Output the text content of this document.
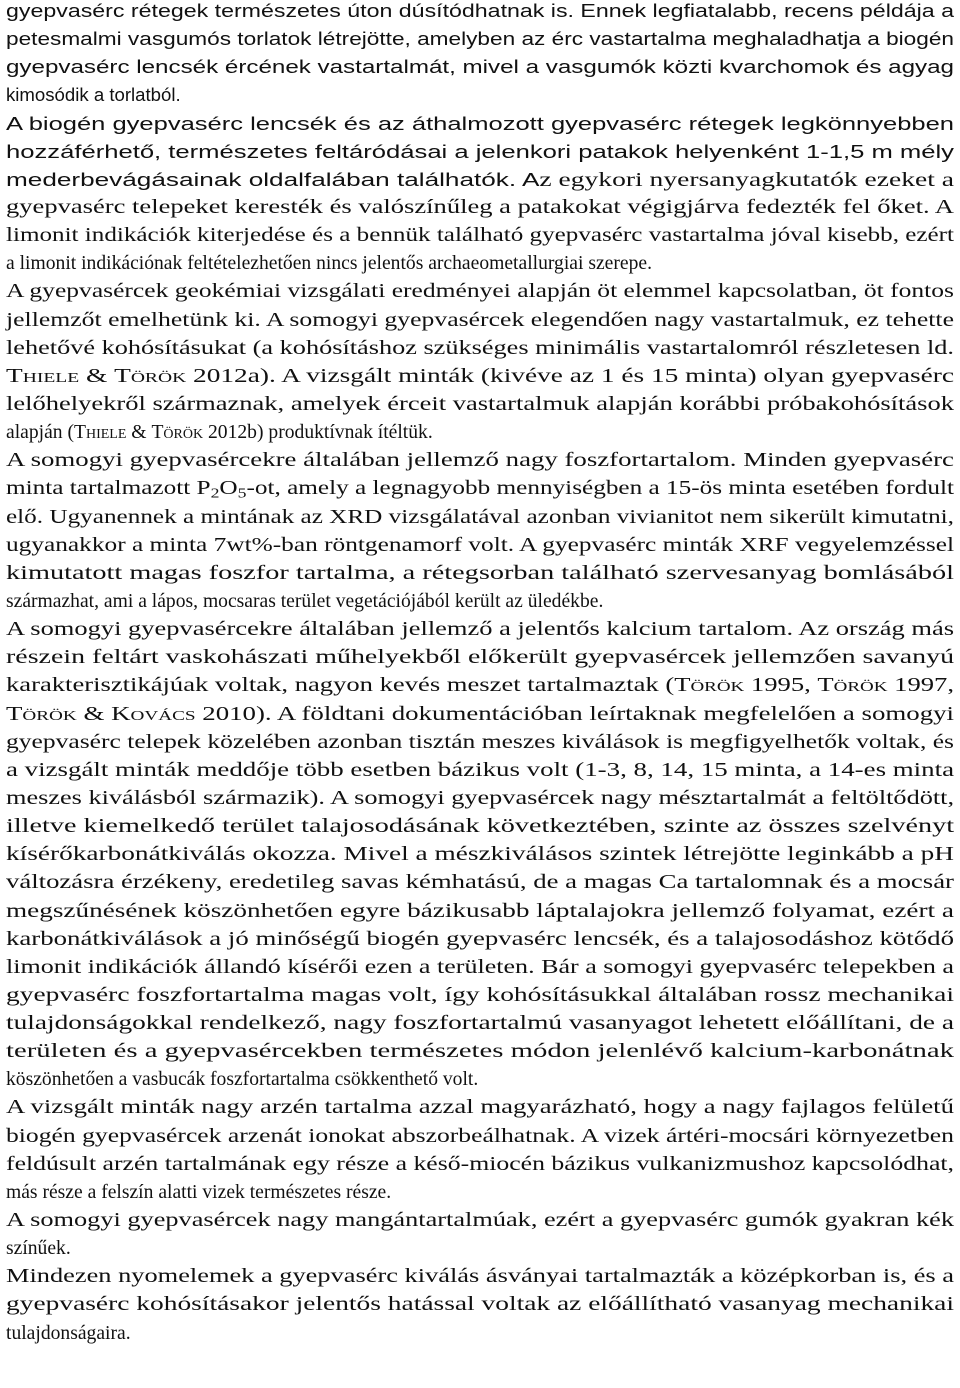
gyepvasérc rétegek természetes úton dúsítódhatnak is. Ennek legfiatalabb, recens példája a
petesmalmi vasgumós torlatok létrejötte, amelyben az érc vastartalma meghaladhatja a biogén
gyepvasérc lencsék ércének vastartalmát, mivel a vasgumók közti kvarchomok és agyag
kimosódik a torlatból.
A biogén gyepvasérc lencsék és az áthalmozott gyepvasérc rétegek legkönnyebben
hozzáférhető, természetes feltáródásai a jelenkori patakok helyenként 1-1,5 m mély
mederbevágásainak oldalfalában találhatók. Az egykori nyersanyagkutatók ezeket a
gyepvasérc telepeket keresték és valószínűleg a patakokat végigjárva fedezték fel őket. A
limonit indikációk kiterjedése és a bennük található gyepvasérc vastartalma jóval kisebb, ezért
a limonit indikációnak feltételezhetően nincs jelentős archaeometallurgiai szerepe.
A gyepvasércek geokémiai vizsgálati eredményei alapján öt elemmel kapcsolatban, öt fontos
jellemzőt emelhetünk ki. A somogyi gyepvasércek elegendően nagy vastartalmuk, ez tehette
lehetővé kohósításukat (a kohósításhoz szükséges minimális vastartalomról részletesen ld.
Thiele & Török 2012a). A vizsgált minták (kivéve az 1 és 15 minta) olyan gyepvasérc
lelőhelyekről származnak, amelyek érceit vastartalmuk alapján korábbi próbakohósítások
alapján (Thiele & Török 2012b) produktívnak ítéltük.
A somogyi gyepvasércekre általában jellemző nagy foszfortartalom. Minden gyepvasérc
minta tartalmazott $P_2O_5-ot$, amely a legnagyobb mennyiségben a 15-ös minta esetében fordult
elő. Ugyanennek a mintának az XRD vizsgálatával azonban vivianitot nem sikerült kimutatni,
ugyanakkor a minta 7wt%-ban röntgenamorf volt. A gyepvasérc minták XRF vegyelemzéssel
kimutatott magas foszfor tartalma, a rétegsorban található szervesanyag bomlásából
származhat, ami a lápos, mocsaras terület vegetációjából került az üledékbe.
A somogyi gyepvasércekre általában jellemző a jelentős kalcium tartalom. Az ország más
részein feltárt vaskohászati műhelyekből előkerült gyepvasércek jellemzően savanyú
karakterisztikájúak voltak, nagyon kevés meszet tartalmaztak (Török 1995, Török 1997,
Török & Kovács 2010). A földtani dokumentációban leírtaknak megfelelően a somogyi
gyepvasérc telepek közelében azonban tisztán meszes kiválások is megfigyelhetők voltak, és
a vizsgált minták meddője több esetben bázikus volt (1-3, 8, 14, 15 minta, a 14-es minta
meszes kiválásból származik). A somogyi gyepvasércek nagy mésztartalmát a feltöltődött,
illetve kiemelkedő terület talajosodásának következtében, szinte az összes szelvényt
kísérőkarbonátkiválás okozza. Mivel a mészkiválásos szintek létrejötte leginkább a pH
változásra érzékeny, eredetileg savas kémhatású, de a magas Ca tartalomnak és a mocsár
megszűnésének köszönhetően egyre bázikusabb láptalajokra jellemző folyamat, ezért a
karbonátkiválások a jó minőségű biogén gyepvasérc lencsék, és a talajosodáshoz kötődő
limonit indikációk állandó kísérői ezen a területen. Bár a somogyi gyepvasérc telepekben a
gyepvasérc foszfortartalma magas volt, így kohósításukkal általában rossz mechanikai
tulajdonságokkal rendelkező, nagy foszfortartalmú vasanyagot lehetett előállítani, de a
területen és a gyepvasércekben természetes módon jelenlévő kalcium-karbonátnak
köszönhetően a vasbucák foszfortartalma csökkenthető volt.
A vizsgált minták nagy arzén tartalma azzal magyarázható, hogy a nagy fajlagos felületű
biogén gyepvasércek arzenát ionokat abszorbeálhatnak. A vizek ártéri-mocsári környezetben
feldúsult arzén tartalmának egy része a késő-miocén bázikus vulkanizmushoz kapcsolódhat,
más része a felszín alatti vizek természetes része.
A somogyi gyepvasércek nagy mangántartalmúak, ezért a gyepvasérc gumók gyakran kék
színűek.
Mindezen nyomelemek a gyepvasérc kiválás ásványai tartalmazták a középkorban is, és a
gyepvasérc kohósításakor jelentős hatással voltak az előállítható vasanyag mechanikai
tulajdonságaira.
